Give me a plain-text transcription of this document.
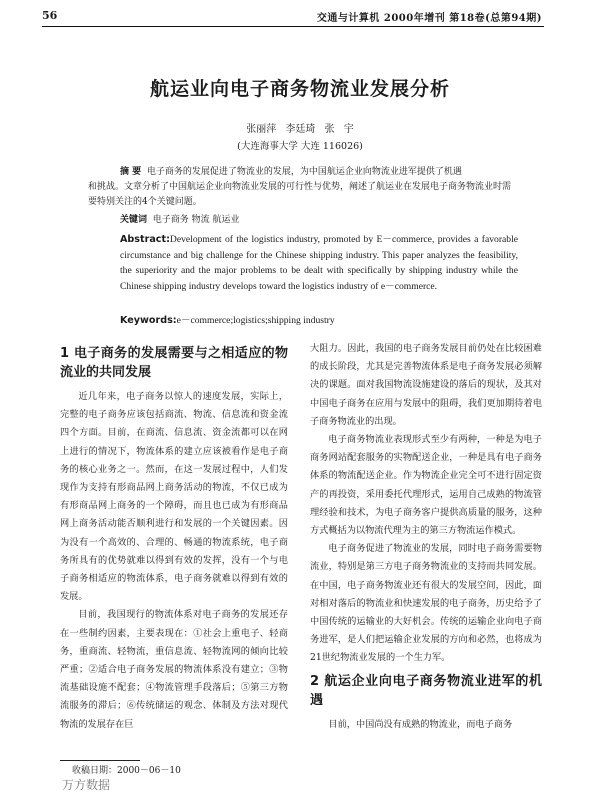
56	交通与计算机 2000年增刊 第18卷(总第94期)
航运业向电子商务物流业发展分析
张丽萍 李廷琦 张 宇
(大连海事大学 大连 116026)
摘 要 电子商务的发展促进了物流业的发展，为中国航运企业向物流业进军提供了机遇
和挑战。文章分析了中国航运企业向物流业发展的可行性与优势，阐述了航运业在发展电子商务物流业时需要特别关注的4个关键问题。
关键词 电子商务 物流 航运业
Abstract:Development of the logistics industry, promoted by E－commerce, provides a favorable circumstance and big challenge for the Chinese shipping industry. This paper analyzes the feasibility, the superiority and the major problems to be dealt with specifically by shipping industry while the Chinese shipping industry develops toward the logistics industry of e－commerce.
Keywords:e－commerce;logistics;shipping industry
1 电子商务的发展需要与之相适应的物流业的共同发展

近几年来，电子商务以惊人的速度发展，实际上，完整的电子商务应该包括商流、物流、信息流和资金流四个方面。目前，在商流、信息流、资金流都可以在网上进行的情况下，物流体系的建立应该被看作是电子商务的核心业务之一。然而，在这一发展过程中，人们发现作为支持有形商品网上商务活动的物流，不仅已成为有形商品网上商务的一个障碍，而且也已成为有形商品网上商务活动能否顺利进行和发展的一个关键因素。因为没有一个高效的、合理的、畅通的物流系统，电子商务所具有的优势就难以得到有效的发挥，没有一个与电子商务相适应的物流体系，电子商务就难以得到有效的发展。

目前，我国现行的物流体系对电子商务的发展还存在一些制约因素，主要表现在：①社会上重电子、轻商务，重商流、轻物流，重信息流、轻物流网的倾向比较严重；②适合电子商务发展的物流体系没有建立；③物流基础设施不配套；④物流管理手段落后；⑤第三方物流服务的滞后；⑥传统储运的观念、体制及方法对现代物流的发展存在巨

大阻力。因此，我国的电子商务发展目前仍处在比较困难的成长阶段，尤其是完善物流体系是电子商务发展必须解决的课题。面对我国物流设施建设的落后的现状，及其对中国电子商务在应用与发展中的阻碍，我们更加期待着电子商务物流业的出现。

电子商务物流业表现形式至少有两种，一种是为电子商务网站配套服务的实物配送企业，一种是具有电子商务体系的物流配送企业。作为物流企业完全可不进行固定资产的再投资，采用委托代理形式，运用自己成熟的物流管理经验和技术，为电子商务客户提供高质量的服务，这种方式概括为以物流代理为主的第三方物流运作模式。

电子商务促进了物流业的发展，同时电子商务需要物流业，特别是第三方电子商务物流业的支持而共同发展。在中国，电子商务物流业还有很大的发展空间，因此，面对相对落后的物流业和快速发展的电子商务，历史给予了中国传统的运输业的大好机会。传统的运输企业向电子商务进军，是人们把运输企业发展的方向和必然，也将成为21世纪物流业发展的一个生力军。

2 航运企业向电子商务物流业进军的机遇

目前，中国尚没有成熟的物流业，而电子商务

收稿日期：2000－06－10
万方数据
